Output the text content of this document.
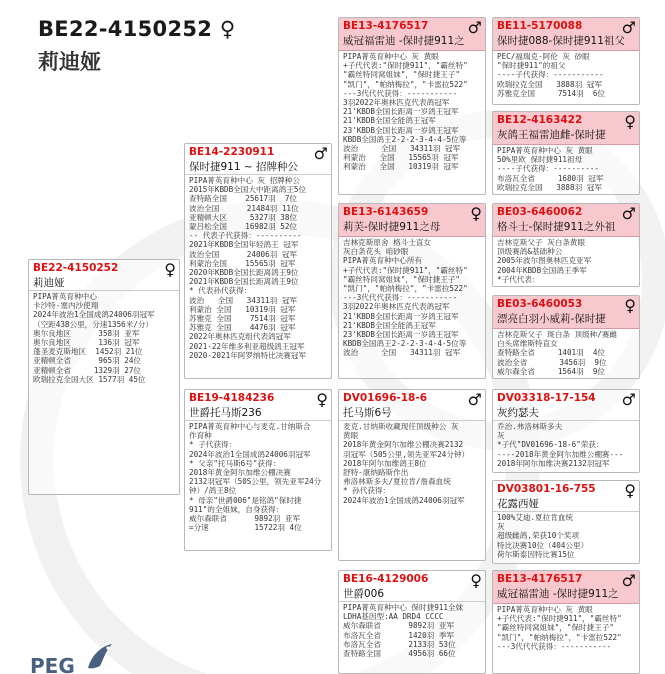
BE22-4150252 ♀
莉迪娅
BE22-4150252	♀
莉迪娅
PIPA菁英育种中心
卡沙特-塞内沙使翔
2024年波治1全国成鸽24006羽冠军
（空距438公里，分速1356米/分）
奥尔良地区      358羽 亚军
奥尔良地区      136羽 冠军
蓬圣麦克斯地区  1452羽 21位
亚精顿全省      965羽 24位
亚精顿全省     1329羽 27位
欧瑞拉克全国大区 1577羽 45位
BE14-2230911	♂
保时捷911 ~ 招牌种公
PIPA菁英育种中心 灰 招牌种公
2015年KBDB全国大中距离鸽王5位
查特路全国    25617羽  7位
波治全国      21484羽 11位
亚精顿大区     5327羽 38位
蒙吕松全国    16982羽 52位
-- 代表子代获得：----------
2021年KBDB全国年轻鸽王 冠军
波治全国      24006羽 冠军
利蒙治全国    15565羽 冠军
2020年KBDB全国长距离鸽王9位
2021年KBDB全国长距离鸽王9位
* 代表孙代获得：
波治   全国   34311羽 冠军
利蒙治 全国   10319羽 冠军
苏雅克 全国    7514羽 冠军
苏雅克 全国    4476羽 冠军
2022年奥林匹克组代表鸽冠军
2021-22年维多利亚超级鸽王冠军
2020-2021年阿罗纳特比决赛冠军
BE19-4184236	♀
世爵托马斯236
PIPA菁英育种中心与麦克.甘纳斯合
作育种
* 子代获得：
2024年波治1全国成鸽24006羽冠军
* 父亲"托马斯6号"获得：
2018年黄金阿尔加维公棚决赛
2132羽冠军（50S公里，领先亚军24分
钟）/鸽王8位
* 母亲"世爵006"是铭鸽"保时捷
911"的全姐妹，自身获得：
威尔森联省      9892羽 亚军
=分速          15722羽 4位
BE13-4176517	♂
威冠福雷迪 -保时捷911之
PIPA菁英育种中心 灰 黄眼
+子代代表:"保时捷911"，"霸丝特"
"霸丝特同窝姐妹"，"保时捷王子"
"凯门"，"帕纳梅拉"，"卡雷拉522"
---3代代代获得：-----------
3羽2022年奥林匹克代表鸽冠军
21'KBDB全国长距离一岁鸽王冠军
21'KBDB全国全能鸽王冠军
23'KBDB全国长距离一岁鸽王冠军
KBDB全国鸽王2-2-2-3-4-4-5位等
波治     全国   34311羽 冠军
利蒙治   全国   15565羽 冠军
利蒙治   全国   10319羽 冠军
BE13-6143659	♀
莉芙-保时捷911之母
吉林克斯原舍 格斗士直女
灰白条花头 咱砂眼
PIPA菁英育种中心所有
+子代代表:"保时捷911"，"霸丝特"
"霸丝特同窝姐妹"，"保时捷王子"
"凯门"，"帕纳梅拉"，"卡雷拉522"
---3代代代获得：-----------
3羽2022年奥林匹克代表鸽冠军
21'KBDB全国长距离一岁鸽王冠军
21'KBDB全国全能鸽王冠军
23'KBDB全国长距离一岁鸽王冠军
KBDB全国鸽王2-2-2-3-4-4-5位等
波治     全国   34311羽 冠军
DV01696-18-6	♂
托马斯6号
麦克.甘纳斯收藏现任顶级种公 灰
黄眼
2018年黄金阿尔加维公棚决赛2132
羽冠军（505公里,领先亚军24分钟）
2018年阿尔加维鸽王8位
舒特-康纳路斯作出
弗洛林斯多夫/夏拉肯/詹森血统
* 孙代获得：
2024年波治1全国成鸽24006羽冠军
BE16-4129006	♀
世爵006
PIPA菁英育种中心 保时捷911全妹
LDHA基因型:AA DRD4 CCCC
威尔森联省      9892羽 亚军
布洛瓦全省      1420羽 季军
布洛瓦全省      2133羽 53位
查特路全国      4956羽 66位
BE11-5170088	♂
保时捷088-保时捷911祖父
PEC/福瑞克-阿伦 灰 砂眼
"保时捷911"的祖父
----子代获得：-----------
欧瑞拉克全国   3888羽 冠军
苏雅克全国     7514羽  6位
BE12-4163422	♀
灰鸽王福雷迪雌-保时捷
PIPA菁英育种中心 灰 黄眼
50%里欧 保时捷911祖母
----子代获得：----------
布洛瓦全省     1680羽 冠军
欧瑞拉克全国   3888羽 冠军
BE03-6460062	♂
格斗士-保时捷911之外祖
吉林克斯父子 灰白条黄眼
顶级赛鸽&基础种公
2005年波尔图奥林匹克亚军
2004年KBDB全国鸽王季军
*子代代表：
BE03-6460053	♀
漂亮白羽小威莉-保时捷
吉林克斯父子 斑白条 顶级种/赛雌
白头席维斯特直女
查特路全省     1401羽  4位
波治全省       3456羽  9位
威尔森全省     1564羽  9位
DV03318-17-154	♂
灰约瑟夫
乔治.弗洛林斯多夫
灰
*子代"DV01696-18-6"荣获：
----2018年黄金阿尔加维公棚赛---
2018年阿尔加维决赛2132羽冠军
DV03801-16-755	♀
花露西娅
100%艾迪.夏拉肯血统
灰
超级雌鸽,荣获10个奖项
特比决赛10位（404公里）
荷尔斯泰因特比赛15位
BE13-4176517	♂
威冠福雷迪 -保时捷911之
PIPA菁英育种中心 灰 黄眼
+子代代表:"保时捷911"，"霸丝特"
"霸丝特同窝姐妹"，"保时捷王子"
"凯门"，"帕纳梅拉"，"卡雷拉522"
---3代代代获得：-----------
PEG
